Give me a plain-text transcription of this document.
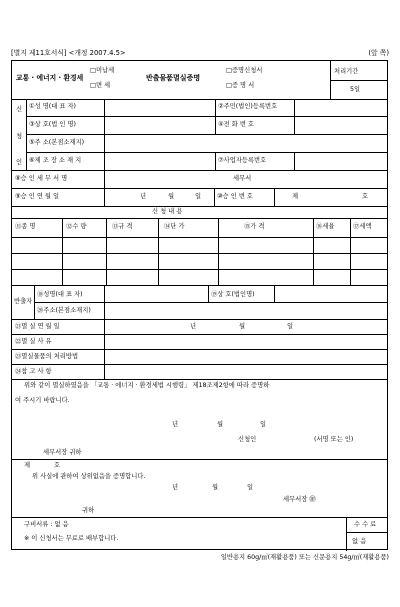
[별지 제11호서식] <개정 2007.4.5>	(앞 쪽)
교통 · 에너지 · 환경세
□미납세
□면 세
반출물품멸실증명
□증명신청서
□증 명 서
처리기간
5일
신
청
인
①성 명(대 표 자)	②주민(법인)등록번호
③상 호(법 인 명)	④전 화 번 호
⑤주 소(본점소재지)
⑥제 조 장 소 재 지	⑦사업자등록번호
⑧승 인 세 무 서 명	세무서
⑨승 인 연 월 일	년	월	일	⑩승 인 번 호	제	호
신 청 내 용
⑪종 명	⑫수 량	⑬규 격	⑭단 가	⑮가 격	⑯세율	⑰세액
반출자
⑱성명(대 표 자)	⑲상 호(법인명)
⑳주소(본점소재지)
㉑멸 실 연 월 일	년	월	일
㉒멸 실 사 유
㉓멸실물품의 처리방법
㉔참 고 사 항
위와 같이 멸실하였음을 「교통 · 에너지 · 환경세법 시행령」 제18조제2항에 따라 증명하
여 주시기 바랍니다.
년	월	일
신청인	(서명 또는 인)
세무서장 귀하
제	호
위 사실에 관하여 상위없음을 증명합니다.
년	월	일
세무서장 ㊞
귀하
구비서류 : 없 음
※ 이 신청서는 무료로 배부합니다.
수 수 료
없 음
일반용지 60g/㎡(재활용품) 또는 신문용지 54g/㎡(재활용품)
